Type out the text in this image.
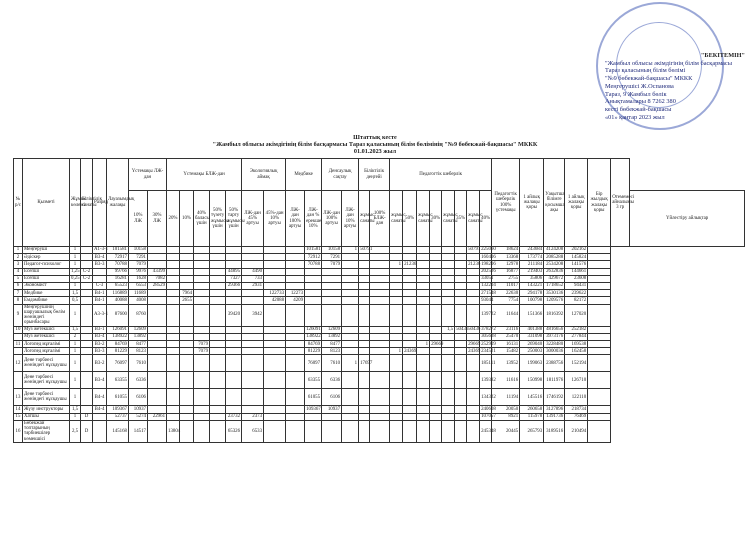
"БЕКІТЕМІН"
"Жамбыл облысы әкімдігінің білім басқармасы
Тараз қаласының білім бөлімі
"№9 бөбекжай-бақшасы" МККК
Меңгерушісі Ж.Оспанова
Тараз, 9 Жамбыл бөлік
Анықтамалары 8 7262 380
кесті бөбекжай-бақшасы
«01» қаңтар 2023 жыл
Штаттық кесте
"Жамбыл облысы әкімдігінің білім басқармасы Тараз қаласының білім бөлімінің "№9 бөбекжай-бақшасы" МККК
01.01.2023 жыл
№ р/с	Қызметі	Жұмыс көлемі	Біліктілік санаты	Разряд	Лауазымдық жалақы	Үстемақы ЛЖ-дан		Үстемақы БЛЖ-дан					Экологиялық аймақ		Медбике		Денсаулық сақтау		Біліктілік деңгейі		Педагогтік шеберлік								Педагогтік шеберлік 100% үстемақы	1 айлық жалақы қоры	Уақытша білімге қосымша ақы	1 айлық жалақы қоры	Бір жылдық жалақы қоры	Отемемесі айналымы 3 гр	
						10% ЛЖ	30% ЛЖ	20%	10%	40% баласы үшін	50% түзету жұмысы үшін	50% тарту жұмысы үшін	ЛЖ-дан 45% артуы	45%-дан 10% артуы	ЛЖ-дан 100% артуы	ЛЖ-дан % ерекше 10%	ЛЖ-дан 100% артуы	ЛЖ-дан 10% артуы	жұмыс санаты	100% БЛЖ-дан	жұмыс санаты	50%	жұмыс санаты	30%	жұмыс санаты	35%	жұмыс санаты	40%							Үйлестіру айлықтар
1	Меңгеруші	1		А1-3-1	101581	10158										101581	10158	1	50791								50791	225060	18624	243684	4124208	202162			
2	Әдіскер	1		В3-4	72917	7291										72912	7291											160406	13368	173774	2085288	145824			
3	Педагог-психолог	1		В3-3	70788	7079										70788	7079				1	21236					21236	198206	12978	211184	2534208	141576			
4	Есепші	1,25	С-2		99766	9976	43399					44895	4490															202526	16877	219403	2632836	144661			
5	Есепші	0,25	С-2		16281	1628	7082					7327	733															33051	2755	35806	429672	23608			
6	Экономист	1		С-3	65523	6553	28529					29366	2931															132204	11017	143221	1718652	94431			
7	Медбике	1,5		В4-1	116889	11689			7964					122733	12273													271548	22630	294178	3530136	239622			
8	Емдәмбике	0,5		В4-1	40088	4008			2655					42088	4209													93044	7754	100798	1209576	82172			
9	Меңгерушінің шаруашылық бөлім жөніндегі орынбасары	1		А3-3-1	87600	8760						39420	3942															139722	11644	151366	1816392	127020			
10	Муз жетекшісі	1,5		В3-1	126091	12609										126091	12609								1,5	50436	50436	378272	23116	401388	4816656	252182			
	Муз жетекшісі	2		В3-4	138922	13892										138922	13892											305628	25470	331098	3973176	277844			
11	Логопед мұғалімі	1		В3-2	84769	8477				7079						84769	8477						1	29669			29669	252909	16131	269040	3228480	169538			
	Логопед мұғалімі	1		В3-3	81229	8123				7079						81229	8123				1	24369					24369	234521	15482	250003	3000036	162458			
12	Дене тәрбиесі жөніндегі нұсқаушы	1		В3-2	76097	7610										76097	7610	1	17697									185111	13952	199063	2388756	152194			
	Дене тәрбиесі жөніндегі нұсқаушы	1		В3-4	63355	6336										63355	6336											139382	11616	150998	1811976	126710			
13	Дене тәрбиесі жөніндегі нұсқаушы	1		В4-4	61055	6106										61055	6106											134322	11194	145516	1746192	122110			
14	Жүзу инструкторы	1,5		В4-4	109367	10937										109367	10937											240608	20050	260658	3127896	218734			
15	Хатшы	1	D		52737	5274	22961					23732	2373															107057	8921	115978	1391736	76469			
16	Бөбекжай топтарының тәрбиешілер көмекшісі	2,5	D		145168	14517		13804				65326	6533															245348	20445	265793	3189516	210494			
